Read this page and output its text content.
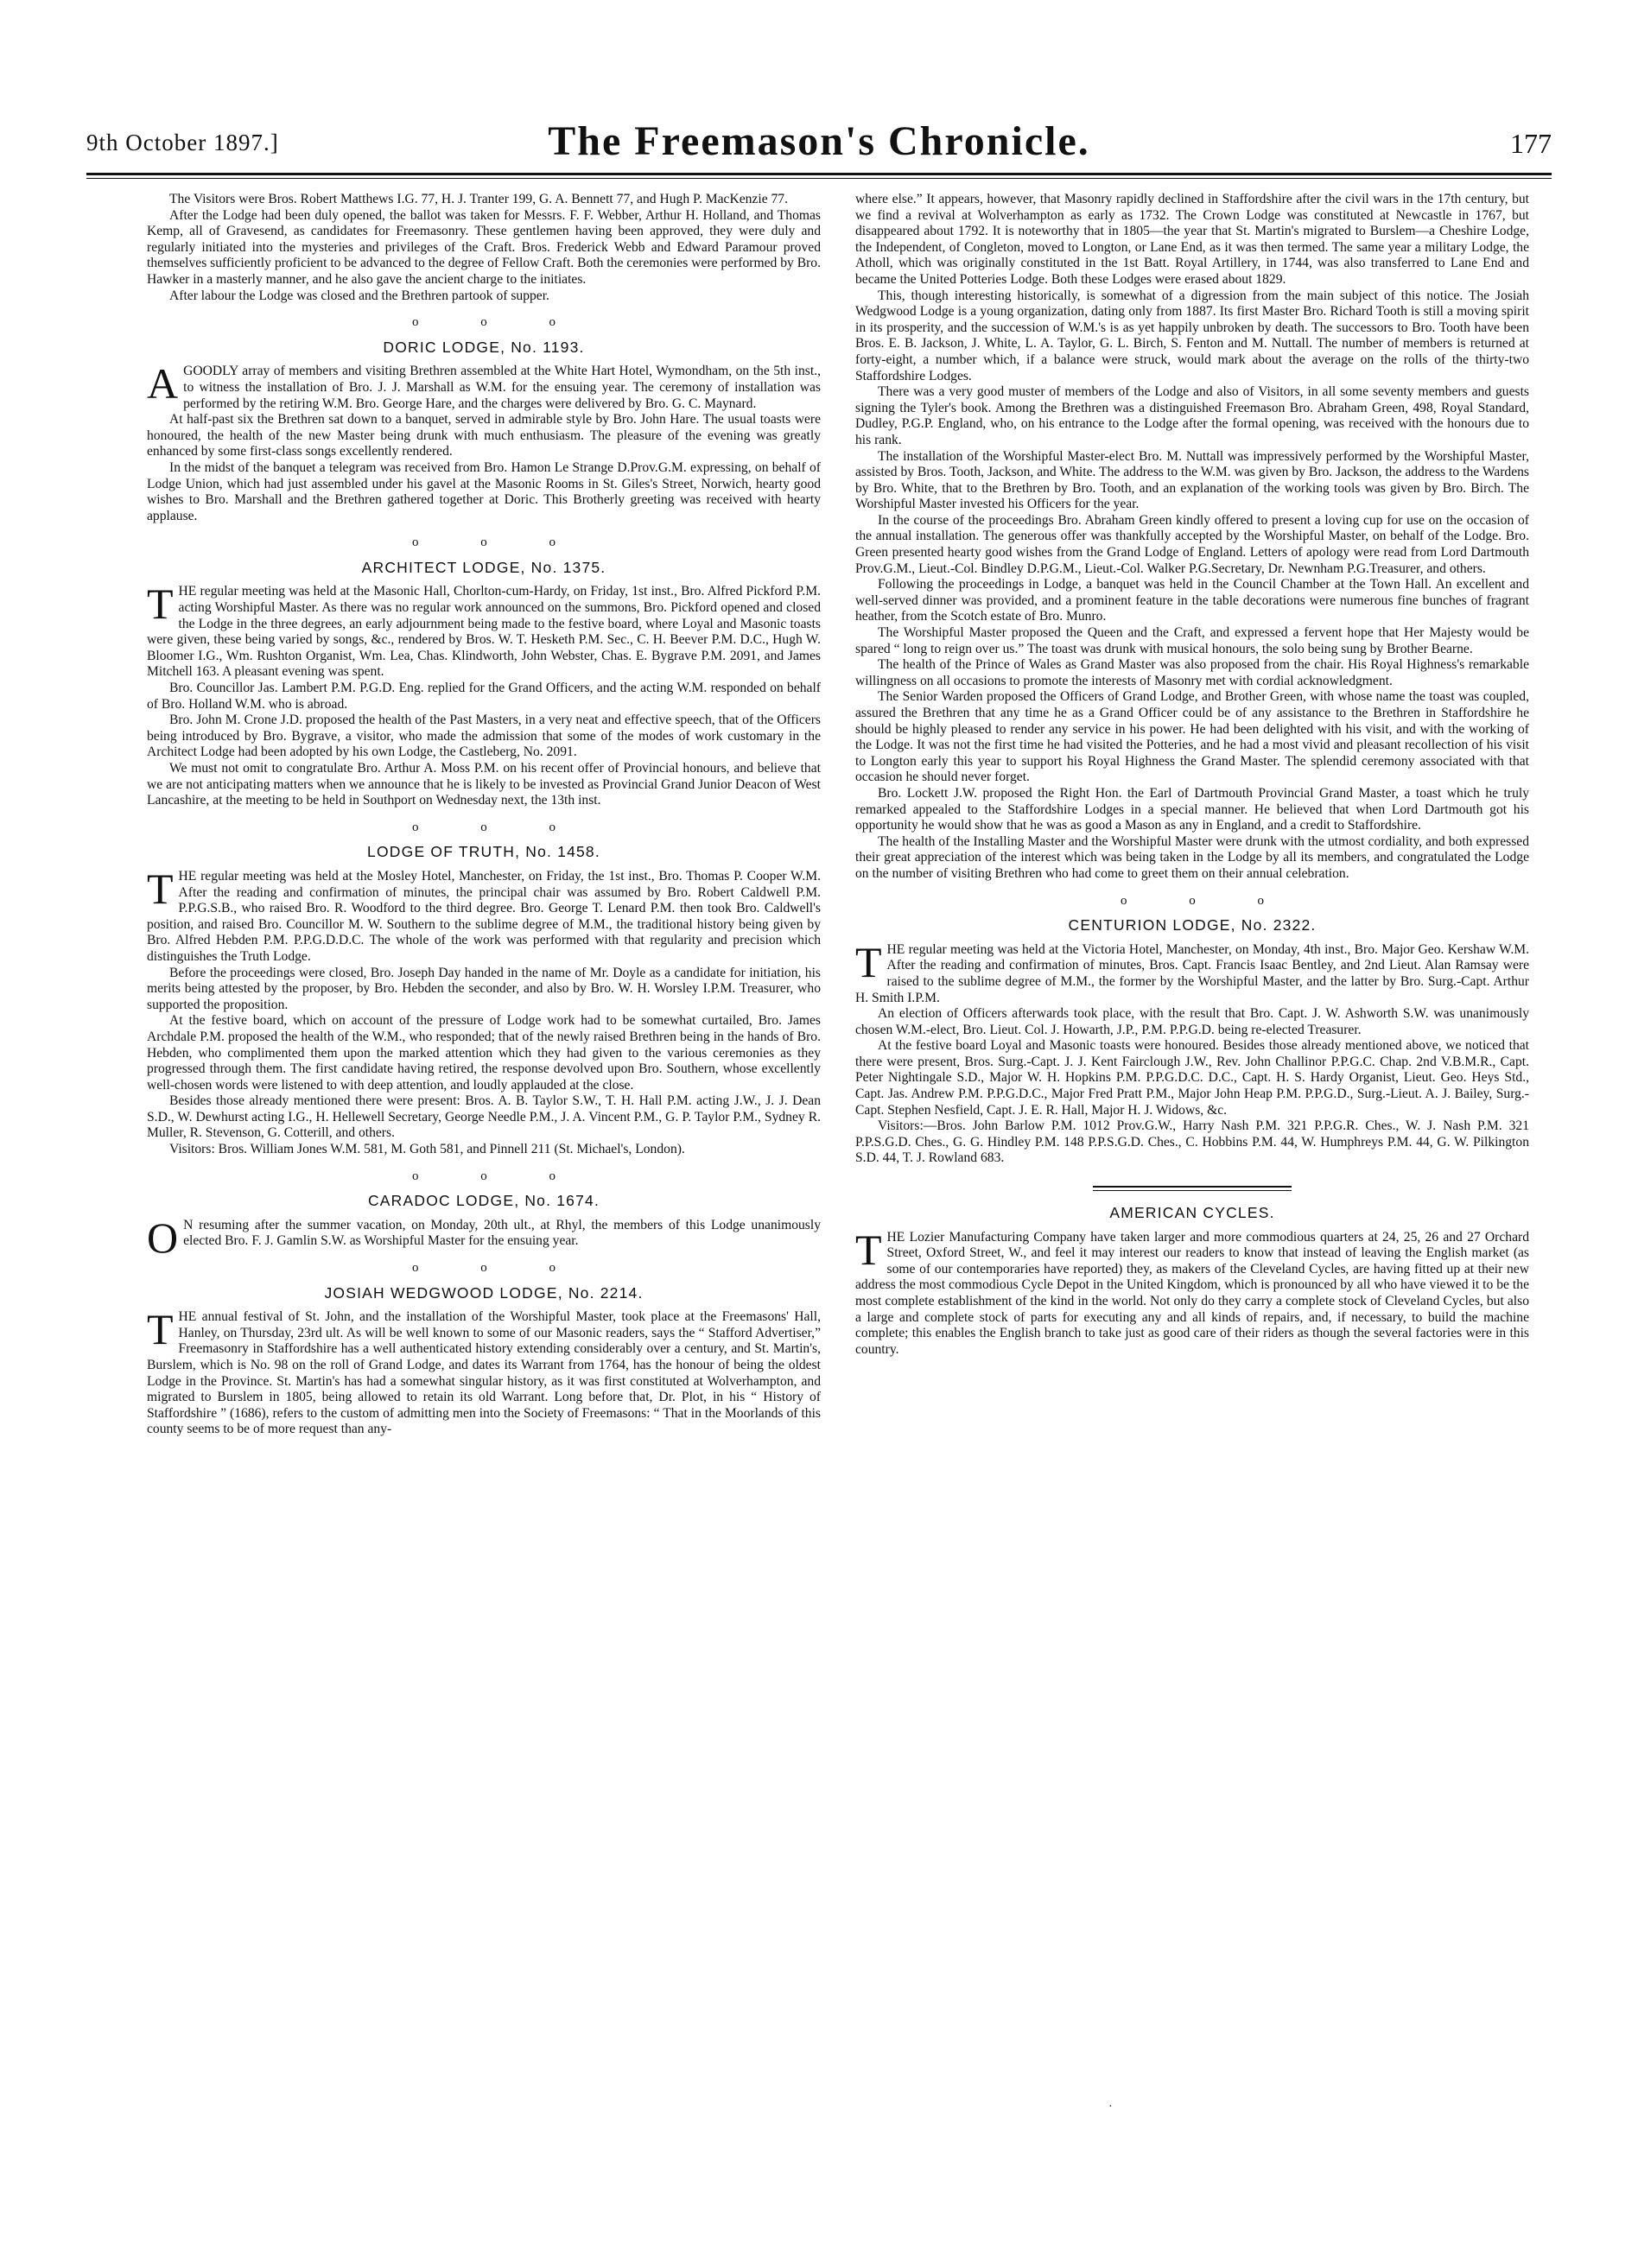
9th October 1897.]	The Freemason's Chronicle.	177

The Visitors were Bros. Robert Matthews I.G. 77, H. J. Tranter 199, G. A. Bennett 77, and Hugh P. MacKenzie 77.

After the Lodge had been duly opened, the ballot was taken for Messrs. F. F. Webber, Arthur H. Holland, and Thomas Kemp, all of Gravesend, as candidates for Freemasonry. These gentlemen having been approved, they were duly and regularly initiated into the mysteries and privileges of the Craft. Bros. Frederick Webb and Edward Paramour proved themselves sufficiently proficient to be advanced to the degree of Fellow Craft. Both the ceremonies were performed by Bro. Hawker in a masterly manner, and he also gave the ancient charge to the initiates.

After labour the Lodge was closed and the Brethren partook of supper.

o o o
DORIC LODGE, No. 1193.

AGOODLY array of members and visiting Brethren assembled at the White Hart Hotel, Wymondham, on the 5th inst., to witness the installation of Bro. J. J. Marshall as W.M. for the ensuing year. The ceremony of installation was performed by the retiring W.M. Bro. George Hare, and the charges were delivered by Bro. G. C. Maynard.

At half-past six the Brethren sat down to a banquet, served in admirable style by Bro. John Hare. The usual toasts were honoured, the health of the new Master being drunk with much enthusiasm. The pleasure of the evening was greatly enhanced by some first-class songs excellently rendered.

In the midst of the banquet a telegram was received from Bro. Hamon Le Strange D.Prov.G.M. expressing, on behalf of Lodge Union, which had just assembled under his gavel at the Masonic Rooms in St. Giles's Street, Norwich, hearty good wishes to Bro. Marshall and the Brethren gathered together at Doric. This Brotherly greeting was received with hearty applause.

o o o
ARCHITECT LODGE, No. 1375.

THE regular meeting was held at the Masonic Hall, Chorlton-cum-Hardy, on Friday, 1st inst., Bro. Alfred Pickford P.M. acting Worshipful Master. As there was no regular work announced on the summons, Bro. Pickford opened and closed the Lodge in the three degrees, an early adjournment being made to the festive board, where Loyal and Masonic toasts were given, these being varied by songs, &c., rendered by Bros. W. T. Hesketh P.M. Sec., C. H. Beever P.M. D.C., Hugh W. Bloomer I.G., Wm. Rushton Organist, Wm. Lea, Chas. Klindworth, John Webster, Chas. E. Bygrave P.M. 2091, and James Mitchell 163. A pleasant evening was spent.

Bro. Councillor Jas. Lambert P.M. P.G.D. Eng. replied for the Grand Officers, and the acting W.M. responded on behalf of Bro. Holland W.M. who is abroad.

Bro. John M. Crone J.D. proposed the health of the Past Masters, in a very neat and effective speech, that of the Officers being introduced by Bro. Bygrave, a visitor, who made the admission that some of the modes of work customary in the Architect Lodge had been adopted by his own Lodge, the Castleberg, No. 2091.

We must not omit to congratulate Bro. Arthur A. Moss P.M. on his recent offer of Provincial honours, and believe that we are not anticipating matters when we announce that he is likely to be invested as Provincial Grand Junior Deacon of West Lancashire, at the meeting to be held in Southport on Wednesday next, the 13th inst.

o o o
LODGE OF TRUTH, No. 1458.

THE regular meeting was held at the Mosley Hotel, Manchester, on Friday, the 1st inst., Bro. Thomas P. Cooper W.M. After the reading and confirmation of minutes, the principal chair was assumed by Bro. Robert Caldwell P.M. P.P.G.S.B., who raised Bro. R. Woodford to the third degree. Bro. George T. Lenard P.M. then took Bro. Caldwell's position, and raised Bro. Councillor M. W. Southern to the sublime degree of M.M., the traditional history being given by Bro. Alfred Hebden P.M. P.P.G.D.D.C. The whole of the work was performed with that regularity and precision which distinguishes the Truth Lodge.

Before the proceedings were closed, Bro. Joseph Day handed in the name of Mr. Doyle as a candidate for initiation, his merits being attested by the proposer, by Bro. Hebden the seconder, and also by Bro. W. H. Worsley I.P.M. Treasurer, who supported the proposition.

At the festive board, which on account of the pressure of Lodge work had to be somewhat curtailed, Bro. James Archdale P.M. proposed the health of the W.M., who responded; that of the newly raised Brethren being in the hands of Bro. Hebden, who complimented them upon the marked attention which they had given to the various ceremonies as they progressed through them. The first candidate having retired, the response devolved upon Bro. Southern, whose excellently well-chosen words were listened to with deep attention, and loudly applauded at the close.

Besides those already mentioned there were present: Bros. A. B. Taylor S.W., T. H. Hall P.M. acting J.W., J. J. Dean S.D., W. Dewhurst acting I.G., H. Hellewell Secretary, George Needle P.M., J. A. Vincent P.M., G. P. Taylor P.M., Sydney R. Muller, R. Stevenson, G. Cotterill, and others.

Visitors: Bros. William Jones W.M. 581, M. Goth 581, and Pinnell 211 (St. Michael's, London).

o o o
CARADOC LODGE, No. 1674.

O N resuming after the summer vacation, on Monday, 20th ult., at Rhyl, the members of this Lodge unanimously elected Bro. F. J. Gamlin S.W. as Worshipful Master for the ensuing year.

o o o
JOSIAH WEDGWOOD LODGE, No. 2214.

THE annual festival of St. John, and the installation of the Worshipful Master, took place at the Freemasons' Hall, Hanley, on Thursday, 23rd ult. As will be well known to some of our Masonic readers, says the “ Stafford Advertiser,” Freemasonry in Staffordshire has a well authenticated history extending considerably over a century, and St. Martin's, Burslem, which is No. 98 on the roll of Grand Lodge, and dates its Warrant from 1764, has the honour of being the oldest Lodge in the Province. St. Martin's has had a somewhat singular history, as it was first constituted at Wolverhampton, and migrated to Burslem in 1805, being allowed to retain its old Warrant. Long before that, Dr. Plot, in his “ History of Staffordshire ” (1686), refers to the custom of admitting men into the Society of Freemasons: “ That in the Moorlands of this county seems to be of more request than any-

where else.” It appears, however, that Masonry rapidly declined in Staffordshire after the civil wars in the 17th century, but we find a revival at Wolverhampton as early as 1732. The Crown Lodge was constituted at Newcastle in 1767, but disappeared about 1792. It is noteworthy that in 1805—the year that St. Martin's migrated to Burslem—a Cheshire Lodge, the Independent, of Congleton, moved to Longton, or Lane End, as it was then termed. The same year a military Lodge, the Atholl, which was originally constituted in the 1st Batt. Royal Artillery, in 1744, was also transferred to Lane End and became the United Potteries Lodge. Both these Lodges were erased about 1829.

This, though interesting historically, is somewhat of a digression from the main subject of this notice. The Josiah Wedgwood Lodge is a young organization, dating only from 1887. Its first Master Bro. Richard Tooth is still a moving spirit in its prosperity, and the succession of W.M.'s is as yet happily unbroken by death. The successors to Bro. Tooth have been Bros. E. B. Jackson, J. White, L. A. Taylor, G. L. Birch, S. Fenton and M. Nuttall. The number of members is returned at forty-eight, a number which, if a balance were struck, would mark about the average on the rolls of the thirty-two Staffordshire Lodges.

There was a very good muster of members of the Lodge and also of Visitors, in all some seventy members and guests signing the Tyler's book. Among the Brethren was a distinguished Freemason Bro. Abraham Green, 498, Royal Standard, Dudley, P.G.P. England, who, on his entrance to the Lodge after the formal opening, was received with the honours due to his rank.

The installation of the Worshipful Master-elect Bro. M. Nuttall was impressively performed by the Worshipful Master, assisted by Bros. Tooth, Jackson, and White. The address to the W.M. was given by Bro. Jackson, the address to the Wardens by Bro. White, that to the Brethren by Bro. Tooth, and an explanation of the working tools was given by Bro. Birch. The Worshipful Master invested his Officers for the year.

In the course of the proceedings Bro. Abraham Green kindly offered to present a loving cup for use on the occasion of the annual installation. The generous offer was thankfully accepted by the Worshipful Master, on behalf of the Lodge. Bro. Green presented hearty good wishes from the Grand Lodge of England. Letters of apology were read from Lord Dartmouth Prov.G.M., Lieut.-Col. Bindley D.P.G.M., Lieut.-Col. Walker P.G.Secretary, Dr. Newnham P.G.Treasurer, and others.

Following the proceedings in Lodge, a banquet was held in the Council Chamber at the Town Hall. An excellent and well-served dinner was provided, and a prominent feature in the table decorations were numerous fine bunches of fragrant heather, from the Scotch estate of Bro. Munro.

The Worshipful Master proposed the Queen and the Craft, and expressed a fervent hope that Her Majesty would be spared “ long to reign over us.” The toast was drunk with musical honours, the solo being sung by Brother Bearne.

The health of the Prince of Wales as Grand Master was also proposed from the chair. His Royal Highness's remarkable willingness on all occasions to promote the interests of Masonry met with cordial acknowledgment.

The Senior Warden proposed the Officers of Grand Lodge, and Brother Green, with whose name the toast was coupled, assured the Brethren that any time he as a Grand Officer could be of any assistance to the Brethren in Staffordshire he should be highly pleased to render any service in his power. He had been delighted with his visit, and with the working of the Lodge. It was not the first time he had visited the Potteries, and he had a most vivid and pleasant recollection of his visit to Longton early this year to support his Royal Highness the Grand Master. The splendid ceremony associated with that occasion he should never forget.

Bro. Lockett J.W. proposed the Right Hon. the Earl of Dartmouth Provincial Grand Master, a toast which he truly remarked appealed to the Staffordshire Lodges in a special manner. He believed that when Lord Dartmouth got his opportunity he would show that he was as good a Mason as any in England, and a credit to Staffordshire.

The health of the Installing Master and the Worshipful Master were drunk with the utmost cordiality, and both expressed their great appreciation of the interest which was being taken in the Lodge by all its members, and congratulated the Lodge on the number of visiting Brethren who had come to greet them on their annual celebration.

o o o
CENTURION LODGE, No. 2322.

THE regular meeting was held at the Victoria Hotel, Manchester, on Monday, 4th inst., Bro. Major Geo. Kershaw W.M. After the reading and confirmation of minutes, Bros. Capt. Francis Isaac Bentley, and 2nd Lieut. Alan Ramsay were raised to the sublime degree of M.M., the former by the Worshipful Master, and the latter by Bro. Surg.-Capt. Arthur H. Smith I.P.M.

An election of Officers afterwards took place, with the result that Bro. Capt. J. W. Ashworth S.W. was unanimously chosen W.M.-elect, Bro. Lieut. Col. J. Howarth, J.P., P.M. P.P.G.D. being re-elected Treasurer.

At the festive board Loyal and Masonic toasts were honoured. Besides those already mentioned above, we noticed that there were present, Bros. Surg.-Capt. J. J. Kent Fairclough J.W., Rev. John Challinor P.P.G.C. Chap. 2nd V.B.M.R., Capt. Peter Nightingale S.D., Major W. H. Hopkins P.M. P.P.G.D.C. D.C., Capt. H. S. Hardy Organist, Lieut. Geo. Heys Std., Capt. Jas. Andrew P.M. P.P.G.D.C., Major Fred Pratt P.M., Major John Heap P.M. P.P.G.D., Surg.-Lieut. A. J. Bailey, Surg.-Capt. Stephen Nesfield, Capt. J. E. R. Hall, Major H. J. Widows, &c.

Visitors:—Bros. John Barlow P.M. 1012 Prov.G.W., Harry Nash P.M. 321 P.P.G.R. Ches., W. J. Nash P.M. 321 P.P.S.G.D. Ches., G. G. Hindley P.M. 148 P.P.S.G.D. Ches., C. Hobbins P.M. 44, W. Humphreys P.M. 44, G. W. Pilkington S.D. 44, T. J. Rowland 683.

AMERICAN CYCLES.

THE Lozier Manufacturing Company have taken larger and more commodious quarters at 24, 25, 26 and 27 Orchard Street, Oxford Street, W., and feel it may interest our readers to know that instead of leaving the English market (as some of our contemporaries have reported) they, as makers of the Cleveland Cycles, are having fitted up at their new address the most commodious Cycle Depot in the United Kingdom, which is pronounced by all who have viewed it to be the most complete establishment of the kind in the world. Not only do they carry a complete stock of Cleveland Cycles, but also a large and complete stock of parts for executing any and all kinds of repairs, and, if necessary, to build the machine complete; this enables the English branch to take just as good care of their riders as though the several factories were in this country.

·
